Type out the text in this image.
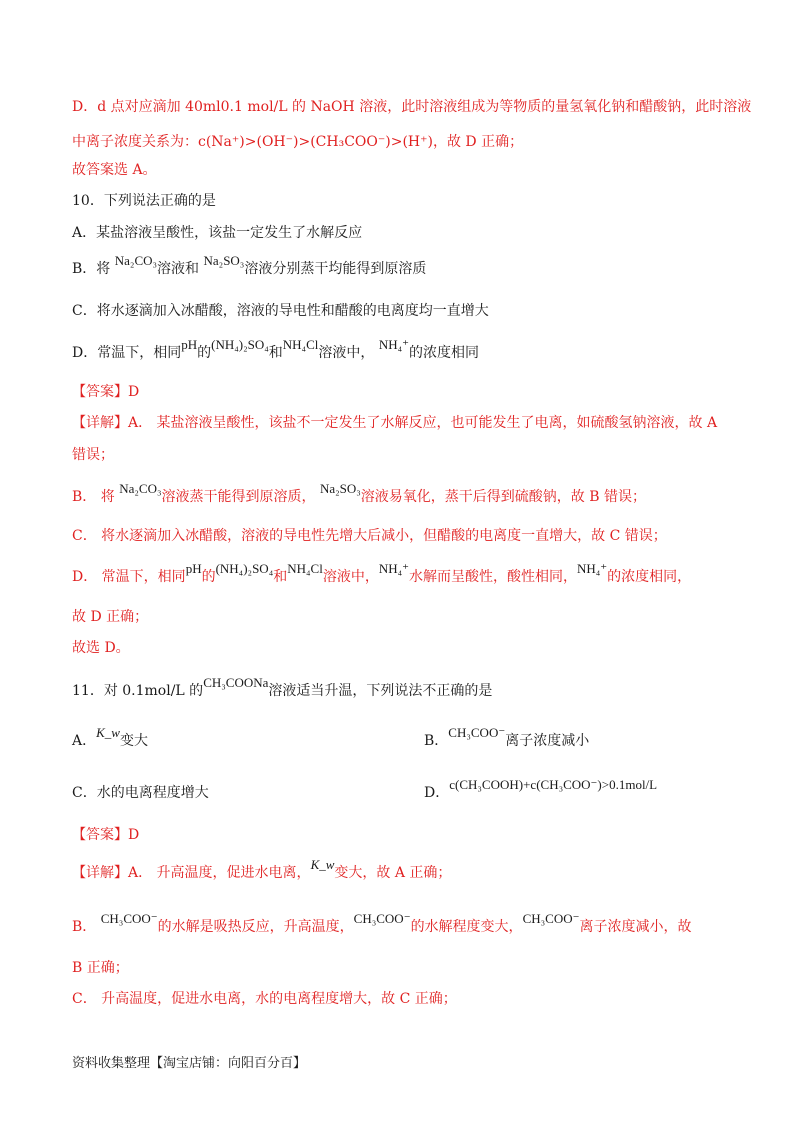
D．d 点对应滴加 40ml0.1 mol/L 的 NaOH 溶液，此时溶液组成为等物质的量氢氧化钠和醋酸钠，此时溶液
中离子浓度关系为：c(Na⁺)>(OH⁻)>(CH₃COO⁻)>(H⁺)，故 D 正确；
故答案选 A。
10．下列说法正确的是
A．某盐溶液呈酸性，该盐一定发生了水解反应
B．将 Na₂CO₃溶液和 Na₂SO₃溶液分别蒸干均能得到原溶质
C．将水逐滴加入冰醋酸，溶液的导电性和醋酸的电离度均一直增大
D．常温下，相同pH的(NH₄)₂SO₄和NH₄Cl溶液中， NH₄⁺的浓度相同
【答案】D
【详解】A． 某盐溶液呈酸性，该盐不一定发生了水解反应，也可能发生了电离，如硫酸氢钠溶液，故 A
错误；
B． 将 Na₂CO₃溶液蒸干能得到原溶质， Na₂SO₃溶液易氧化，蒸干后得到硫酸钠，故 B 错误；
C． 将水逐滴加入冰醋酸，溶液的导电性先增大后减小，但醋酸的电离度一直增大，故 C 错误；
D． 常温下，相同pH的(NH₄)₂SO₄和NH₄Cl溶液中，NH₄⁺水解而呈酸性，酸性相同，NH₄⁺的浓度相同，
故 D 正确；
故选 D。
11．对 0.1mol/L 的CH₃COONa溶液适当升温，下列说法不正确的是
A．K_w变大	B．CH₃COO⁻离子浓度减小
C．水的电离程度增大	D．c(CH₃COOH)+c(CH₃COO⁻)>0.1mol/L
【答案】D
【详解】A． 升高温度，促进水电离，K_w变大，故 A 正确；
B． CH₃COO⁻的水解是吸热反应，升高温度，CH₃COO⁻的水解程度变大，CH₃COO⁻离子浓度减小，故
B 正确；
C． 升高温度，促进水电离，水的电离程度增大，故 C 正确；
资料收集整理【淘宝店铺：向阳百分百】
